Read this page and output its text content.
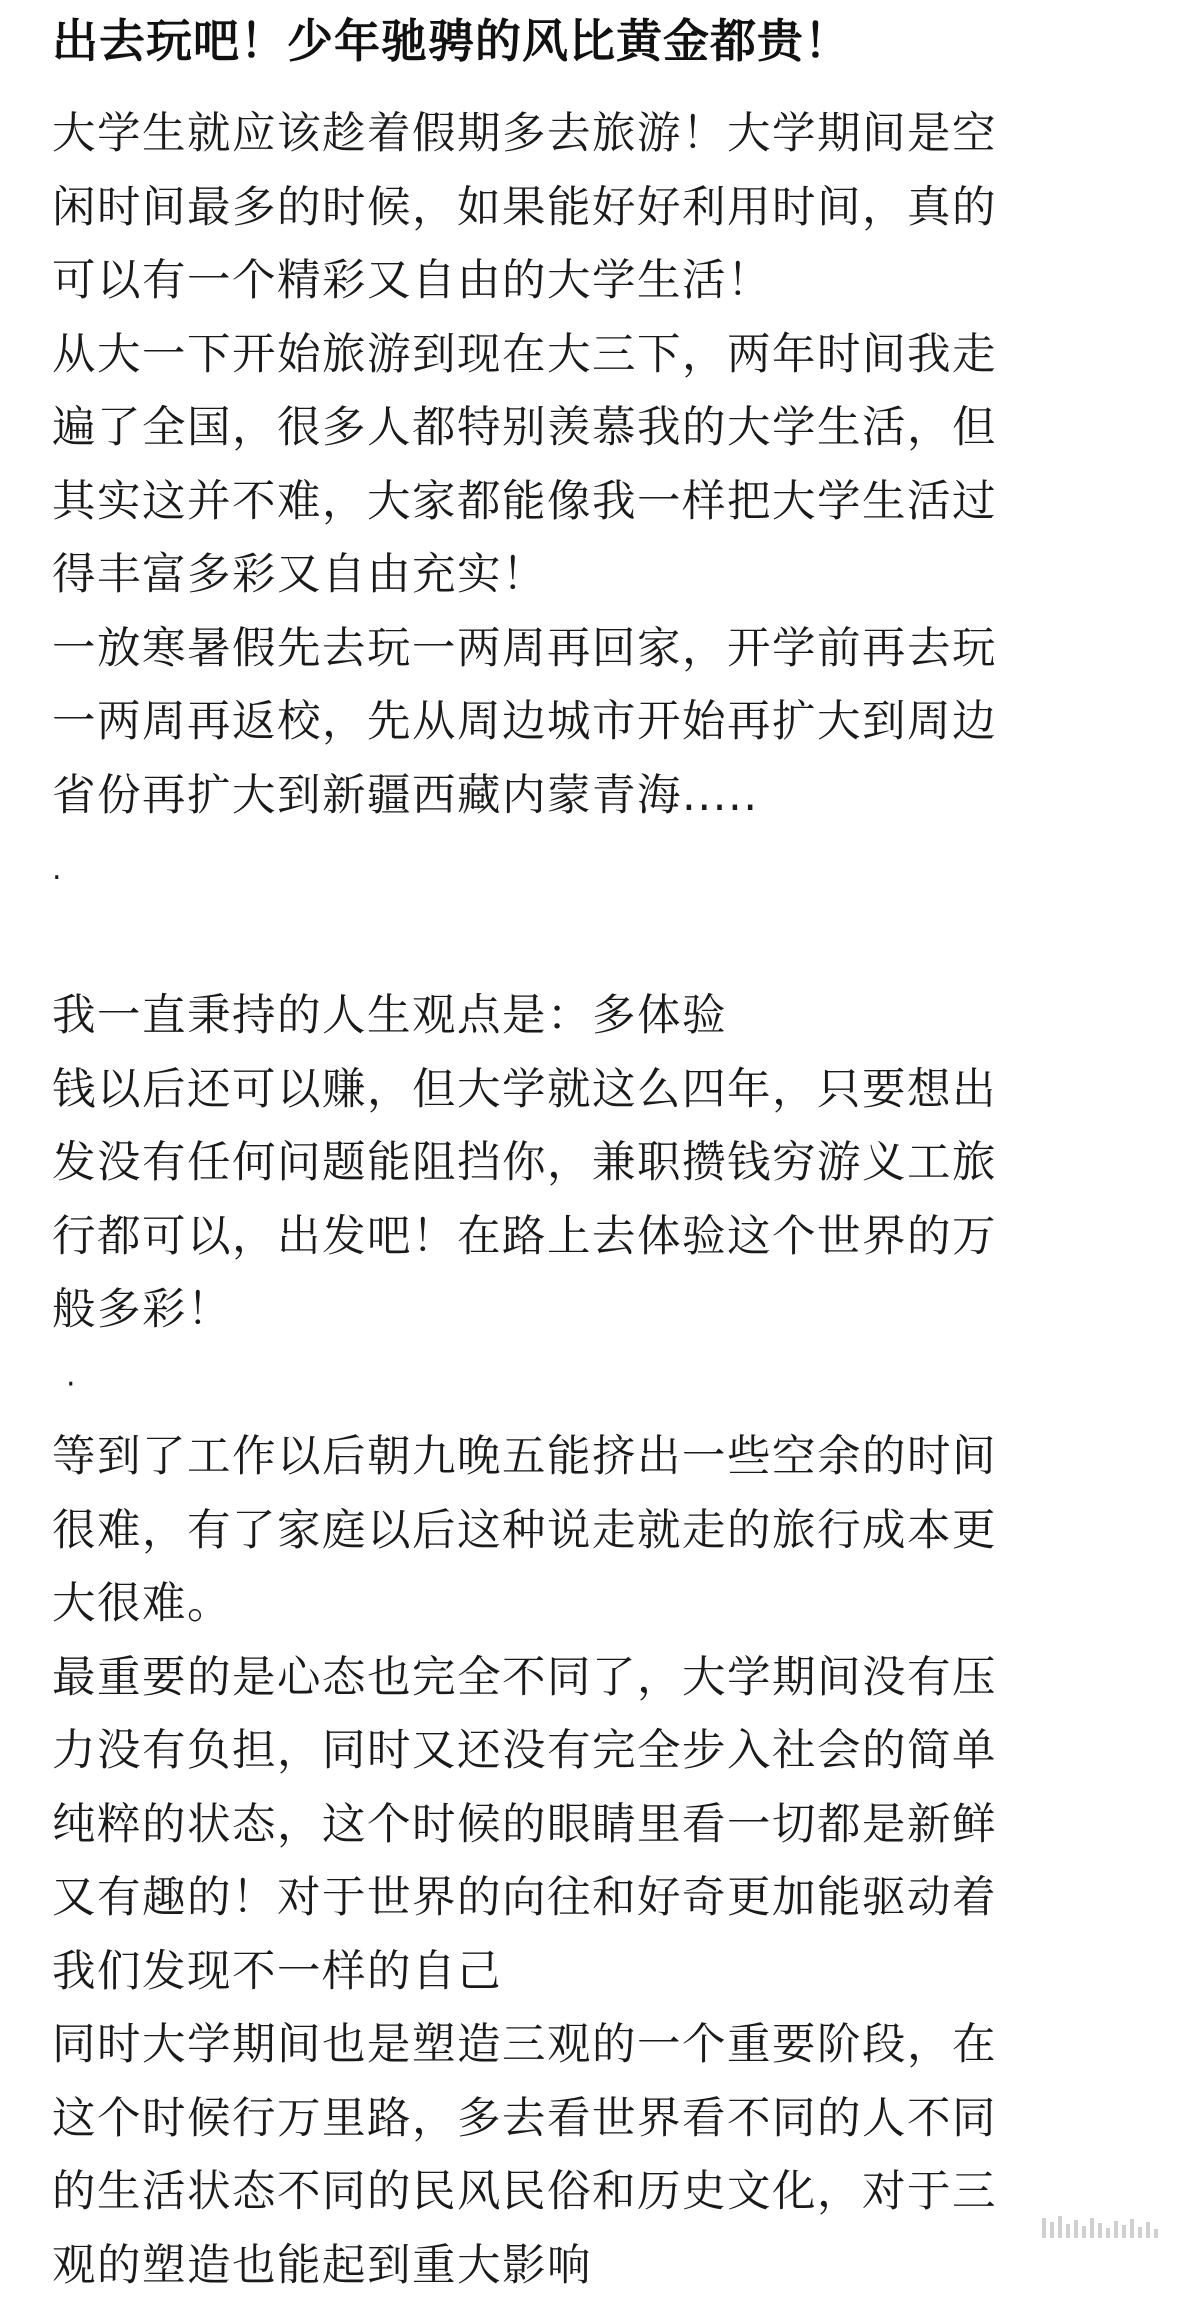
出去玩吧！少年驰骋的风比黄金都贵！
大学生就应该趁着假期多去旅游！大学期间是空
闲时间最多的时候，如果能好好利用时间，真的
可以有一个精彩又自由的大学生活！
从大一下开始旅游到现在大三下，两年时间我走
遍了全国，很多人都特别羡慕我的大学生活，但
其实这并不难，大家都能像我一样把大学生活过
得丰富多彩又自由充实！
一放寒暑假先去玩一两周再回家，开学前再去玩
一两周再返校，先从周边城市开始再扩大到周边
省份再扩大到新疆西藏内蒙青海.....
.
我一直秉持的人生观点是：多体验
钱以后还可以赚，但大学就这么四年，只要想出
发没有任何问题能阻挡你，兼职攒钱穷游义工旅
行都可以，出发吧！在路上去体验这个世界的万
般多彩！
·
等到了工作以后朝九晚五能挤出一些空余的时间
很难，有了家庭以后这种说走就走的旅行成本更
大很难。
最重要的是心态也完全不同了，大学期间没有压
力没有负担，同时又还没有完全步入社会的简单
纯粹的状态，这个时候的眼睛里看一切都是新鲜
又有趣的！对于世界的向往和好奇更加能驱动着
我们发现不一样的自己
同时大学期间也是塑造三观的一个重要阶段，在
这个时候行万里路，多去看世界看不同的人不同
的生活状态不同的民风民俗和历史文化，对于三
观的塑造也能起到重大影响
